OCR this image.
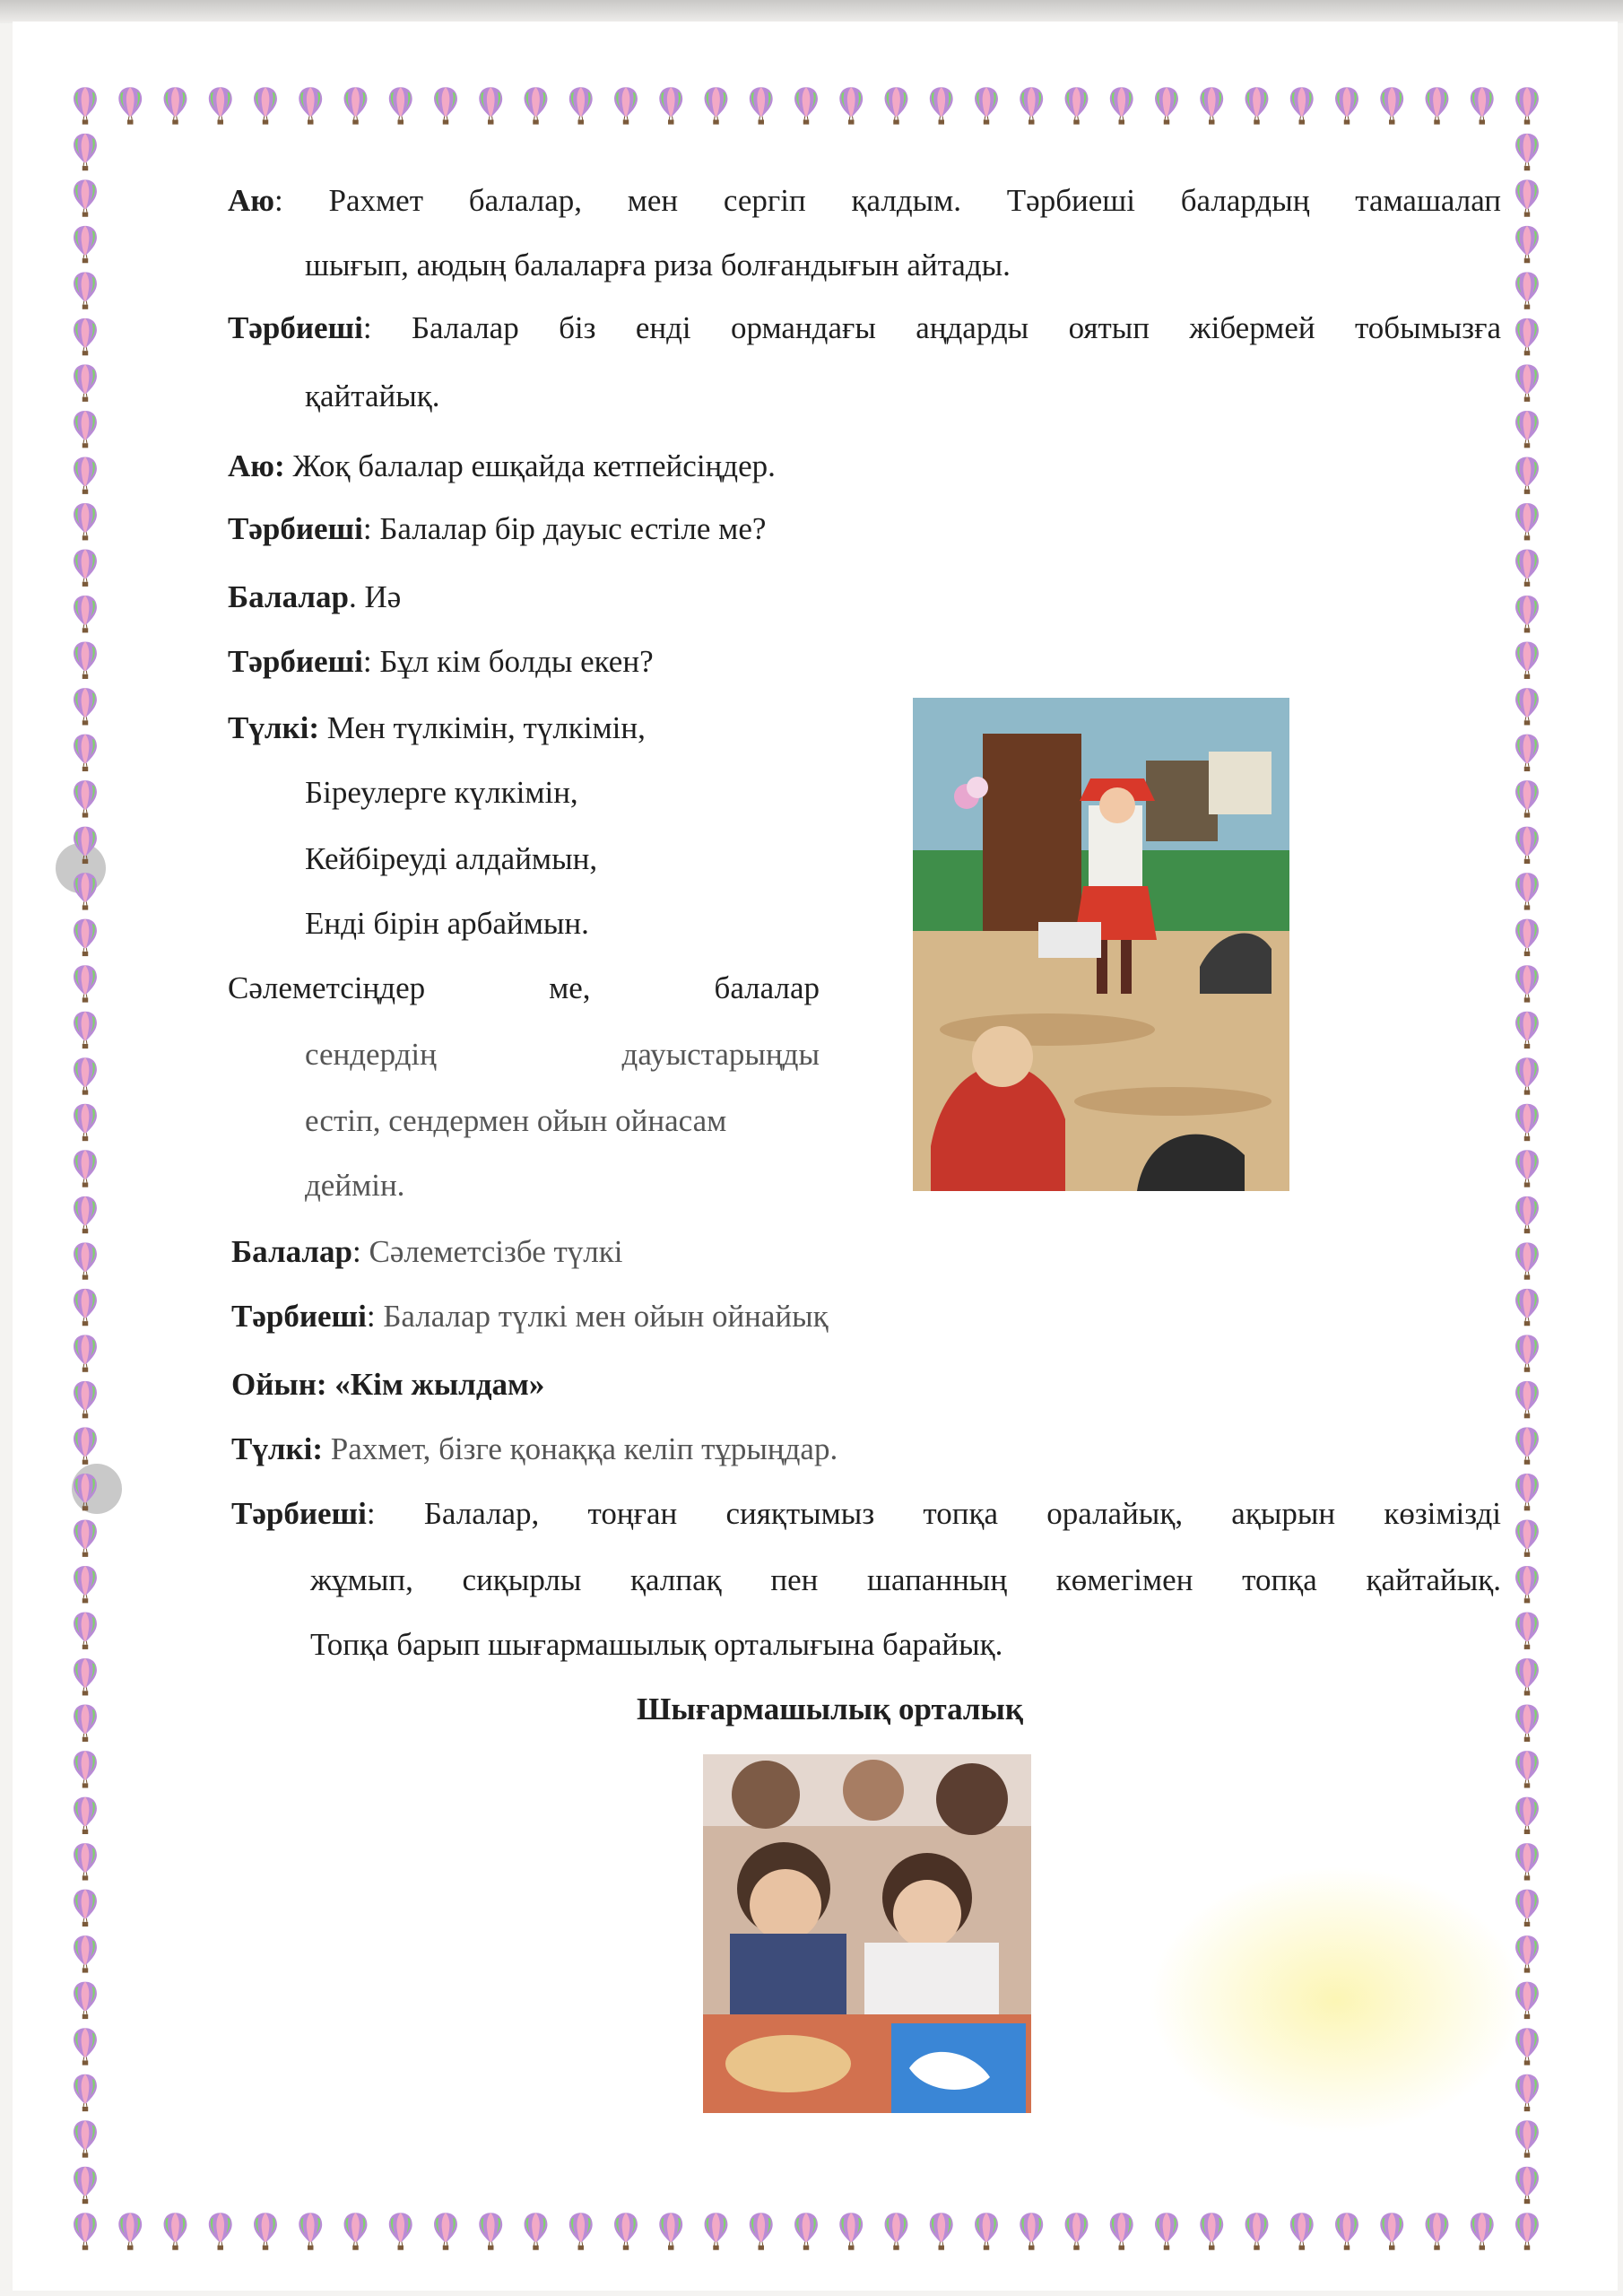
Аю: Рахмет балалар, мен сергіп қалдым. Тәрбиеші балардың тамашалап
шығып, аюдың балаларға риза болғандығын айтады.
Тәрбиеші: Балалар біз енді ормандағы аңдарды оятып жібермей тобымызға
қайтайық.
Аю: Жоқ балалар ешқайда кетпейсіңдер.
Тәрбиеші: Балалар бір дауыс естіле ме?
Балалар. Иә
Тәрбиеші: Бұл кім болды екен?
Түлкі: Мен түлкімін, түлкімін,
Біреулерге күлкімін,
Кейбіреуді алдаймын,
Енді бірін арбаймын.
Сәлеметсіңдер ме, балалар
сендердің дауыстарыңды
естіп, сендермен ойын ойнасам
деймін.
Балалар: Сәлеметсізбе түлкі
Тәрбиеші: Балалар түлкі мен ойын ойнайық
Ойын: «Кім жылдам»
Түлкі: Рахмет, бізге қонаққа келіп тұрыңдар.
Тәрбиеші: Балалар, тоңған сияқтымыз топқа оралайық, ақырын көзімізді
жұмып, сиқырлы қалпақ пен шапанның көмегімен топқа қайтайық.
Топқа барып шығармашылық орталығына барайық.
Шығармашылық орталық
